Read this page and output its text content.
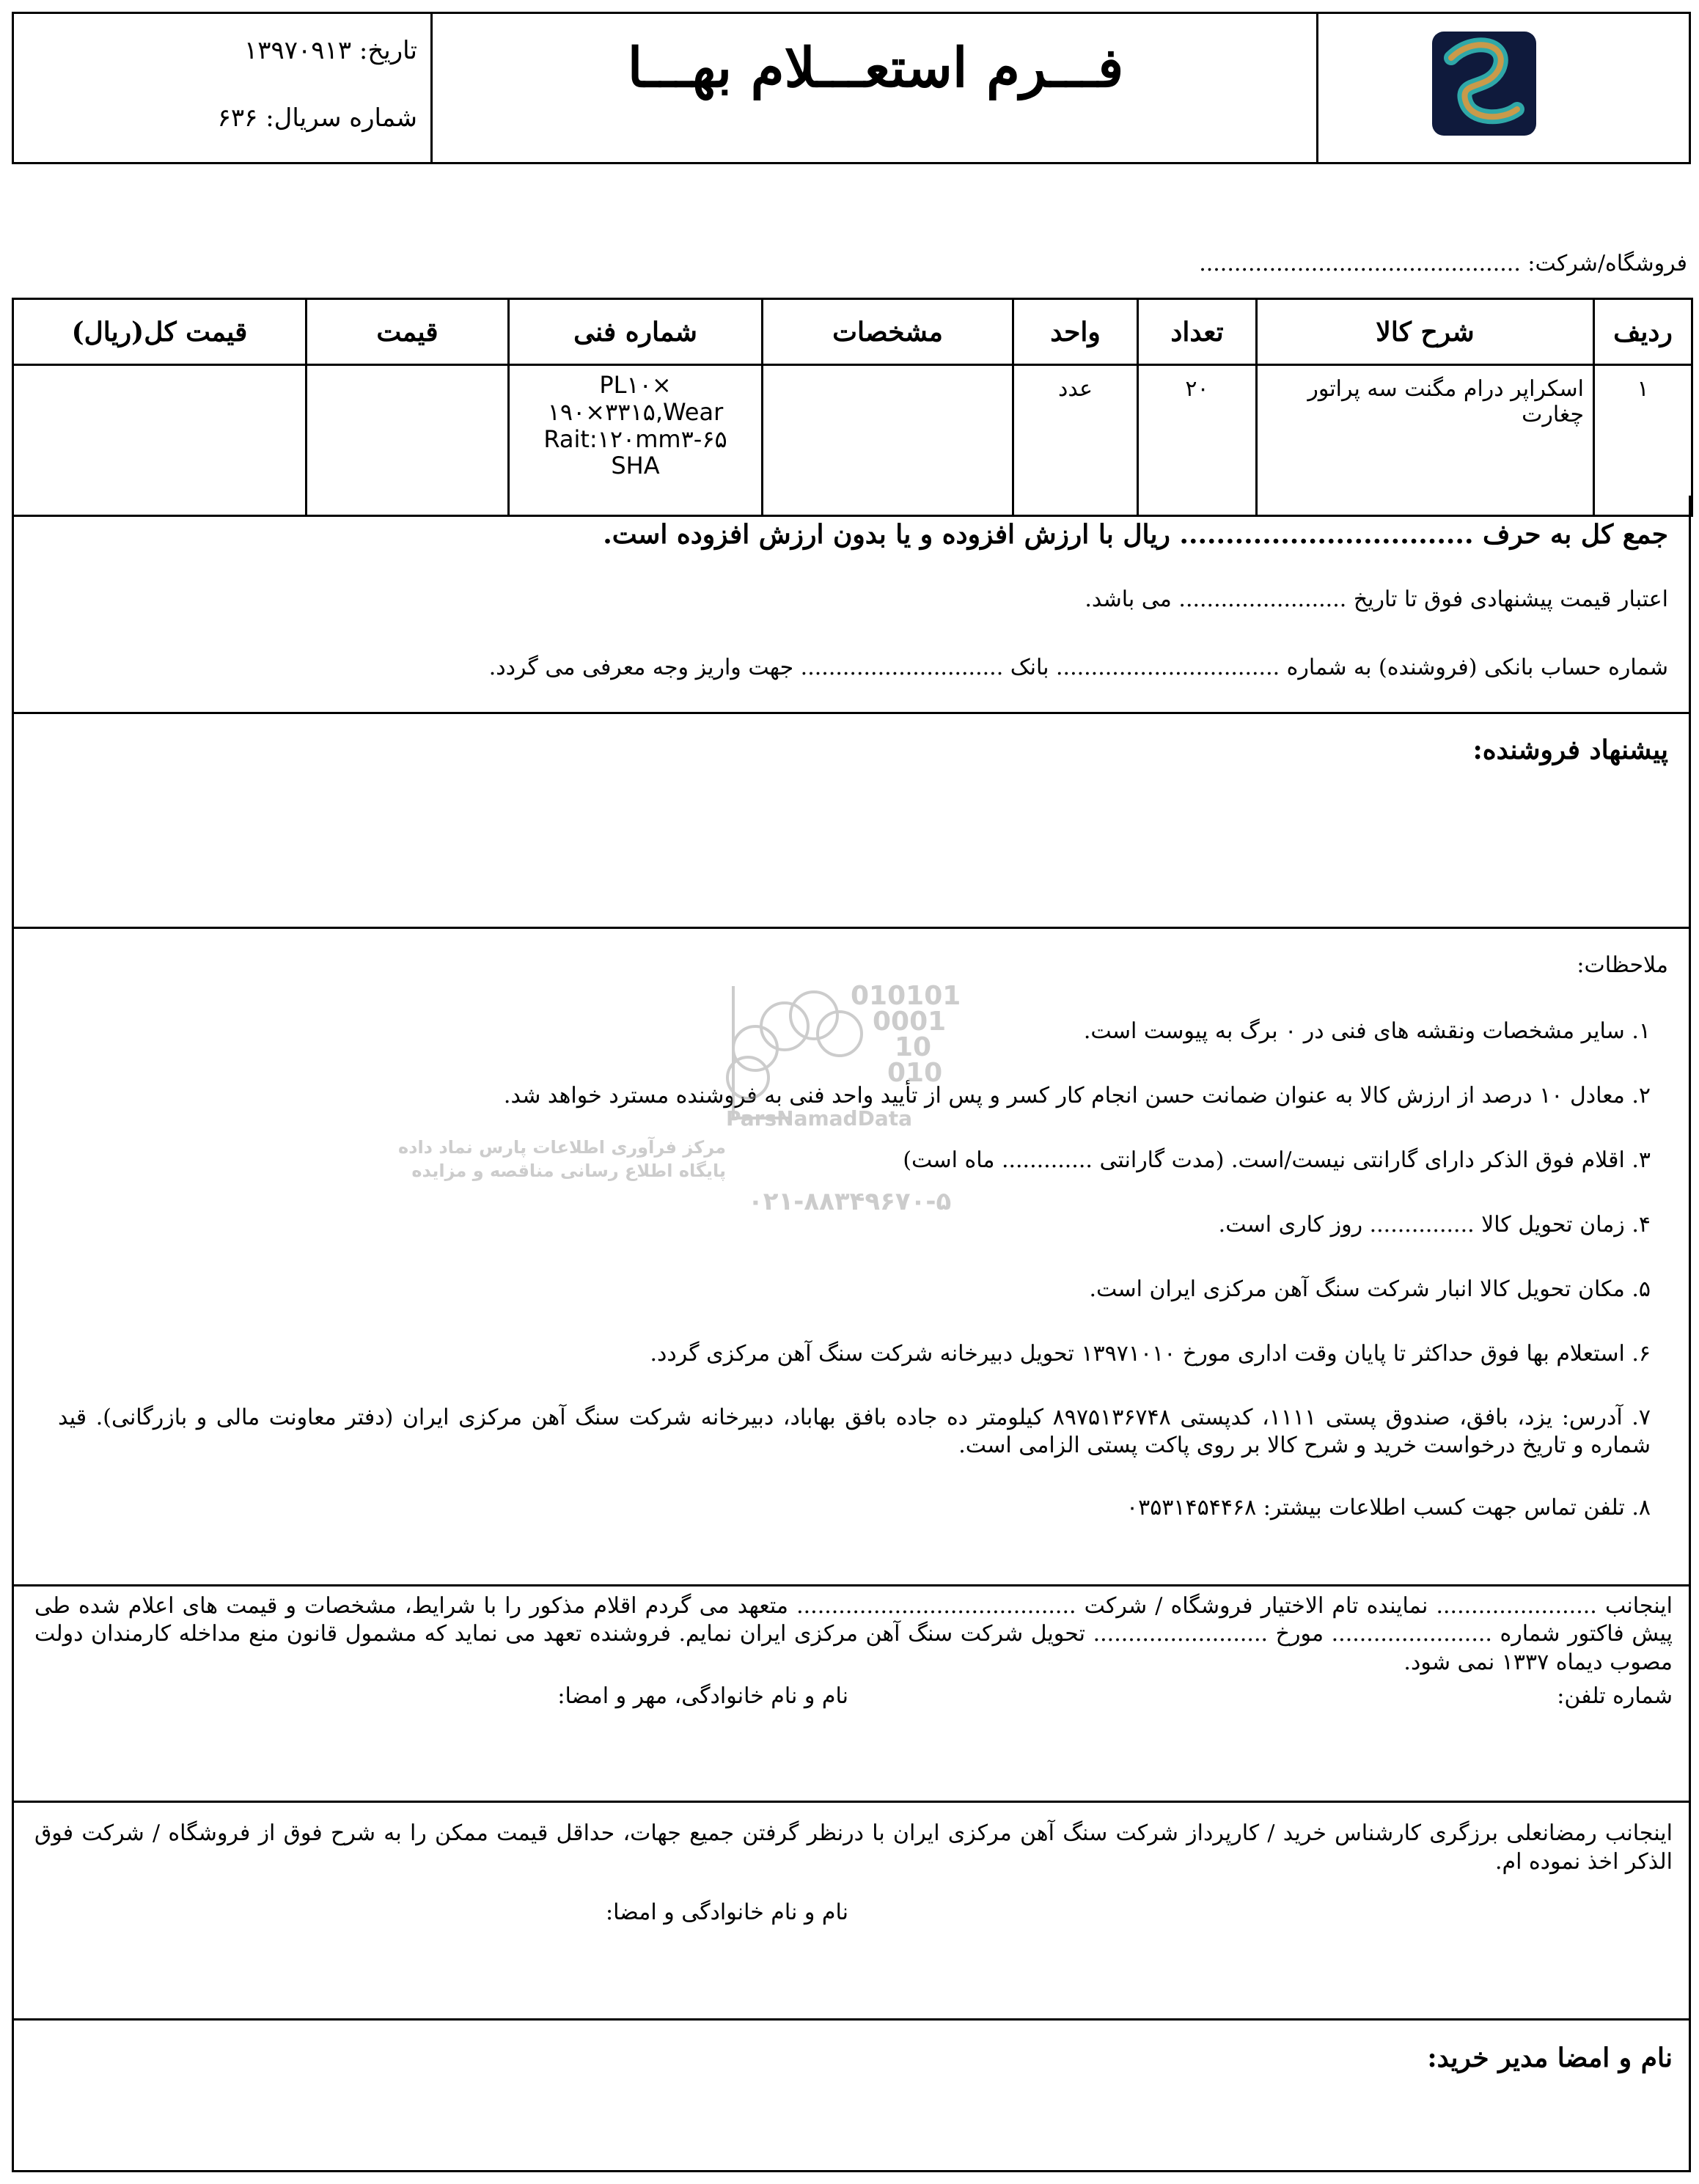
تاریخ: ۱۳۹۷۰۹۱۳
شماره سریال: ۶۳۶
فـــرم استعـــلام بهـــا
فروشگاه/شرکت: ..............................................
ردیف	شرح کالا	تعداد	واحد	مشخصات	شماره فنی	قیمت	قیمت کل(ریال)
۱	اسکراپر درام مگنت سه پراتور چغارت	۲۰	عدد		PL۱۰×
۱۹۰×۳۳۱۵,Wear
Rait:۱۲۰mm۳-۶۵
SHA		

جمع کل به حرف ................................ ریال با ارزش افزوده و یا بدون ارزش افزوده است.
اعتبار قیمت پیشنهادی فوق تا تاریخ ........................ می باشد.
شماره حساب بانکی (فروشنده) به شماره ................................ بانک ............................. جهت واریز وجه معرفی می گردد.
پیشنهاد فروشنده:
ملاحظات:

۱. سایر مشخصات ونقشه های فنی در ۰ برگ به پیوست است.

۲. معادل ۱۰ درصد از ارزش کالا به عنوان ضمانت حسن انجام کار کسر و پس از تأیید واحد فنی به فروشنده مسترد خواهد شد.

۳. اقلام فوق الذکر دارای گارانتی نیست/است. (مدت گارانتی ............. ماه است)

۴. زمان تحویل کالا ............... روز کاری است.

۵. مکان تحویل کالا انبار شرکت سنگ آهن مرکزی ایران است.

۶. استعلام بها فوق حداکثر تا پایان وقت اداری مورخ ۱۳۹۷۱۰۱۰ تحویل دبیرخانه شرکت سنگ آهن مرکزی گردد.

۷. آدرس: یزد، بافق، صندوق پستی ۱۱۱۱، کدپستی ۸۹۷۵۱۳۶۷۴۸ کیلومتر ده جاده بافق بهاباد، دبیرخانه شرکت سنگ آهن مرکزی ایران (دفتر معاونت مالی و بازرگانی). قید شماره و تاریخ درخواست خرید و شرح کالا بر روی پاکت پستی الزامی است.

۸. تلفن تماس جهت کسب اطلاعات بیشتر: ۰۳۵۳۱۴۵۴۴۶۸

010101
0001
10
010
ParsNamadData
مرکز فرآوری اطلاعات پارس نماد داده
پایگاه اطلاع رسانی مناقصه و مزایده
۰۲۱-۸۸۳۴۹۶۷۰-۵
اینجانب ....................... نماینده تام الاختیار فروشگاه / شرکت ........................................ متعهد می گردم اقلام مذکور را با شرایط، مشخصات و قیمت های اعلام شده طی پیش فاکتور شماره ....................... مورخ ......................... تحویل شرکت سنگ آهن مرکزی ایران نمایم. فروشنده تعهد می نماید که مشمول قانون منع مداخله کارمندان دولت مصوب دیماه ۱۳۳۷ نمی شود.
شماره تلفن:
نام و نام خانوادگی، مهر و امضا:
اینجانب رمضانعلی برزگری کارشناس خرید / کارپرداز شرکت سنگ آهن مرکزی ایران با درنظر گرفتن جمیع جهات، حداقل قیمت ممکن را به شرح فوق از فروشگاه / شرکت فوق الذکر اخذ نموده ام.
نام و نام خانوادگی و امضا:
نام و امضا مدیر خرید:
